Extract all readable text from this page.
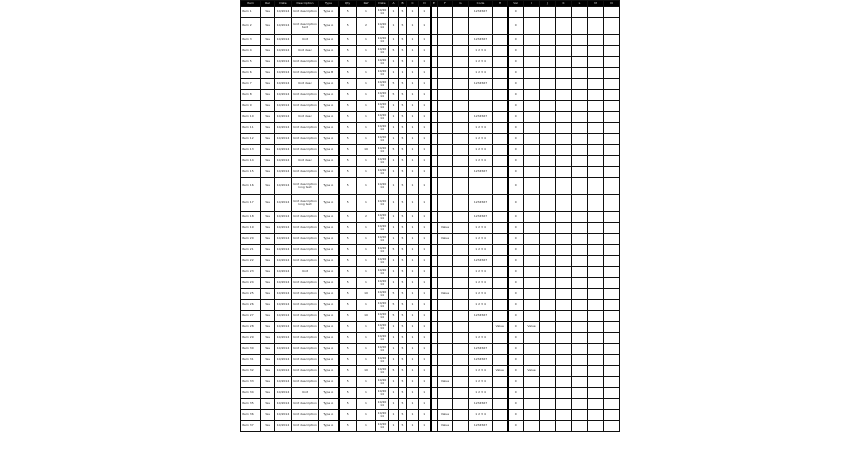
Item	Rel	Date	Description	Type	Qty	Ref	Date	A	B	C	D	E	F	G	Code	H	Val	I	J	K	L	M	N
Item 1	Yes	10/2014	Unit description	Type A	5	1	10/2014	1	5	1	1				1234567		0						
Item 2	Yes	10/2014	Unit description text	Type A	5	2	10/2014	1	5	1	1						0						
Item 3	Yes	10/2014	Unit	Type A	5	1	10/2014	1	5	1	1				1234567		0						
Item 4	Yes	10/2014	Unit desc	Type A	5	1	10/2014	5	5	1	1				1 2 3 4		0						
Item 5	Yes	10/2014	Unit description	Type A	5	1	10/2014	1	5	1	1				1 2 3 4		0						
Item 6	Yes	10/2014	Unit description	Type B	5	1	10/2014	1	1	1	1				1 2 3 4		0						
Item 7	Yes	10/2014	Unit desc	Type A	5	1	10/2014	5	5	1	1				1234567		0						
Item 8	Yes	10/2014	Unit description	Type A	5	1	10/2014	5	5	1	1						0						
Item 9	Yes	10/2014	Unit description	Type A	5	1	10/2014	1	5	1	1						0						
Item 10	Yes	10/2014	Unit desc	Type A	5	1	10/2014	1	5	1	1				1234567		0						
Item 11	Yes	10/2014	Unit description	Type A	5	1	10/2014	1	5	1	1				1 2 3 4		0						
Item 12	Yes	10/2014	Unit description	Type A	5	1	10/2014	1	5	1	1				1 2 3 4		0						
Item 13	Yes	10/2014	Unit description	Type A	5	10	10/2014	5	5	1	1				1 2 3 4		0						
Item 14	Yes	10/2014	Unit desc	Type A	5	1	10/2014	1	5	1	1				1 2 3 4		0						
Item 15	Yes	10/2014	Unit description	Type A	5	1	10/2014	1	5	1	1				1234567		0						
Item 16	Yes	10/2014	Unit description long text	Type A	5	1	10/2014	1	5	1	1						0						
Item 17	Yes	10/2014	Unit description long text	Type A	5	1	10/2014	1	5	1	1				1234567		0						
Item 18	Yes	10/2014	Unit description	Type A	5	2	10/2014	1	5	1	1				1234567		0						
Item 19	Yes	10/2014	Unit description	Type A	5	1	10/2014	1	5	1	1		Value		1 2 3 4		0						
Item 20	Yes	10/2014	Unit description	Type A	5	1	10/2014	1	5	1	1		Value		1 2 3 4		0						
Item 21	Yes	10/2014	Unit description	Type A	5	1	10/2014	5	5	1	1				1 2 3 4		0						
Item 22	Yes	10/2014	Unit description	Type A	5	1	10/2014	1	5	1	1				1234567		0						
Item 23	Yes	10/2014	Unit	Type A	5	1	10/2014	1	5	1	1				1 2 3 4		0						
Item 24	Yes	10/2014	Unit description	Type A	5	1	10/2014	1	5	1	1				1 2 3 4		0						
Item 25	Yes	10/2014	Unit description	Type A	5	10	10/2014	5	5	1	1		Value		1 2 3 4		0						
Item 26	Yes	10/2014	Unit description	Type A	5	1	10/2014	5	5	1	1				1 2 3 4		0						
Item 27	Yes	10/2014	Unit description	Type A	5	10	10/2014	5	5	1	1				1234567		0						
Item 28	Yes	10/2014	Unit description	Type A	5	1	10/2014	1	5	1	1					Value	0	Value					
Item 29	Yes	10/2014	Unit description	Type A	5	1	10/2014	1	5	1	1				1 2 3 4		0						
Item 30	Yes	10/2014	Unit description	Type A	5	1	10/2014	1	5	1	1				1234567		0						
Item 31	Yes	10/2014	Unit description	Type A	5	1	10/2014	1	5	1	1				1234567		0						
Item 32	Yes	10/2014	Unit description	Type A	5	10	10/2014	5	5	1	1				1 2 3 4	Value	0	Value					
Item 33	Yes	10/2014	Unit description	Type A	5	1	10/2014	1	5	1	1		Value		1 2 3 4		0						
Item 34	Yes	10/2014	Unit	Type A	5	1	10/2014	1	5	1	1				1 2 3 4		0						
Item 35	Yes	10/2014	Unit description	Type A	5	1	10/2014	1	5	1	1				1234567		0						
Item 36	Yes	10/2014	Unit description	Type A	5	1	10/2014	1	5	1	1		Value		1 2 3 4		0						
Item 37	Yes	10/2014	Unit description	Type A	5	1	10/2014	1	5	1	1		Value		1234567		0						
